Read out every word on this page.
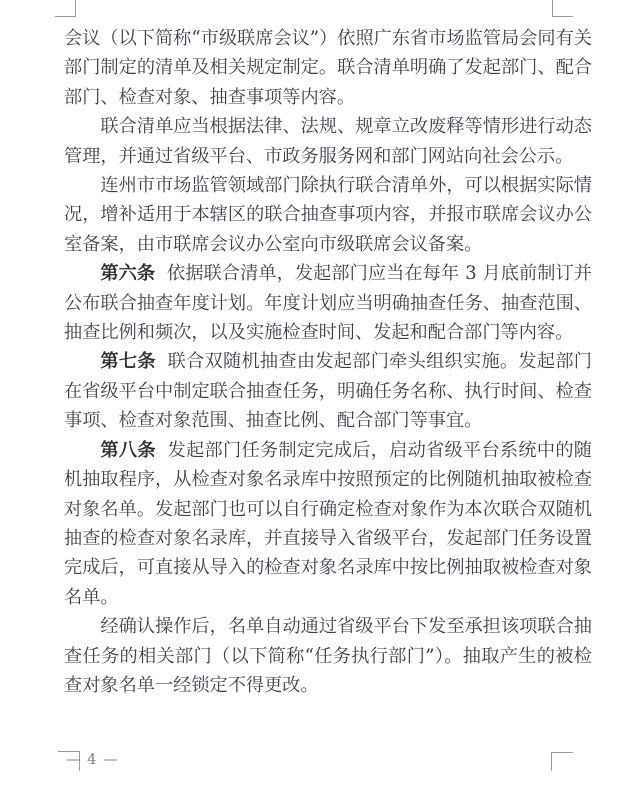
会议（以下简称“市级联席会议”）依照广东省市场监管局会同有关部门制定的清单及相关规定制定。联合清单明确了发起部门、配合部门、检查对象、抽查事项等内容。

联合清单应当根据法律、法规、规章立改废释等情形进行动态管理，并通过省级平台、市政务服务网和部门网站向社会公示。

连州市市场监管领域部门除执行联合清单外，可以根据实际情况，增补适用于本辖区的联合抽查事项内容，并报市联席会议办公室备案，由市联席会议办公室向市级联席会议备案。

第六条 依据联合清单，发起部门应当在每年 3 月底前制订并公布联合抽查年度计划。年度计划应当明确抽查任务、抽查范围、抽查比例和频次，以及实施检查时间、发起和配合部门等内容。

第七条 联合双随机抽查由发起部门牵头组织实施。发起部门在省级平台中制定联合抽查任务，明确任务名称、执行时间、检查事项、检查对象范围、抽查比例、配合部门等事宜。

第八条 发起部门任务制定完成后，启动省级平台系统中的随机抽取程序，从检查对象名录库中按照预定的比例随机抽取被检查对象名单。发起部门也可以自行确定检查对象作为本次联合双随机抽查的检查对象名录库，并直接导入省级平台，发起部门任务设置完成后，可直接从导入的检查对象名录库中按比例抽取被检查对象名单。

经确认操作后，名单自动通过省级平台下发至承担该项联合抽查任务的相关部门（以下简称“任务执行部门”）。抽取产生的被检查对象名单一经锁定不得更改。

— 4 —
